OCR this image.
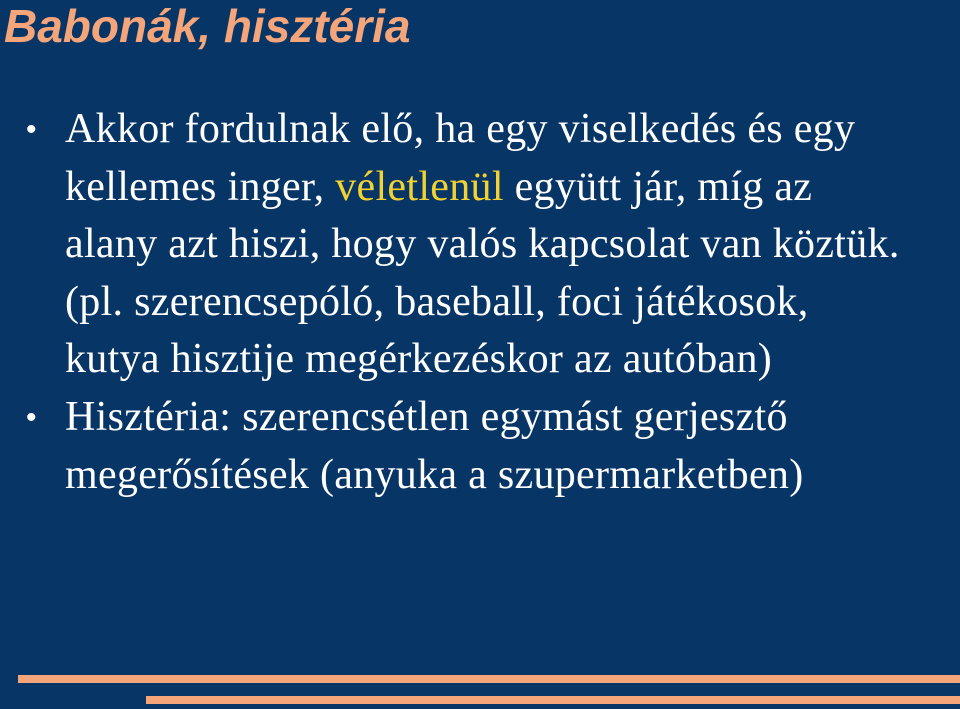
Babonák, hisztéria
• Akkor fordulnak elő, ha egy viselkedés és egy kellemes inger, véletlenül együtt jár, míg az alany azt hiszi, hogy valós kapcsolat van köztük. (pl. szerencsepóló, baseball, foci játékosok, kutya hisztije megérkezéskor az autóban)
• Hisztéria: szerencsétlen egymást gerjesztő megerősítések (anyuka a szupermarketben)
